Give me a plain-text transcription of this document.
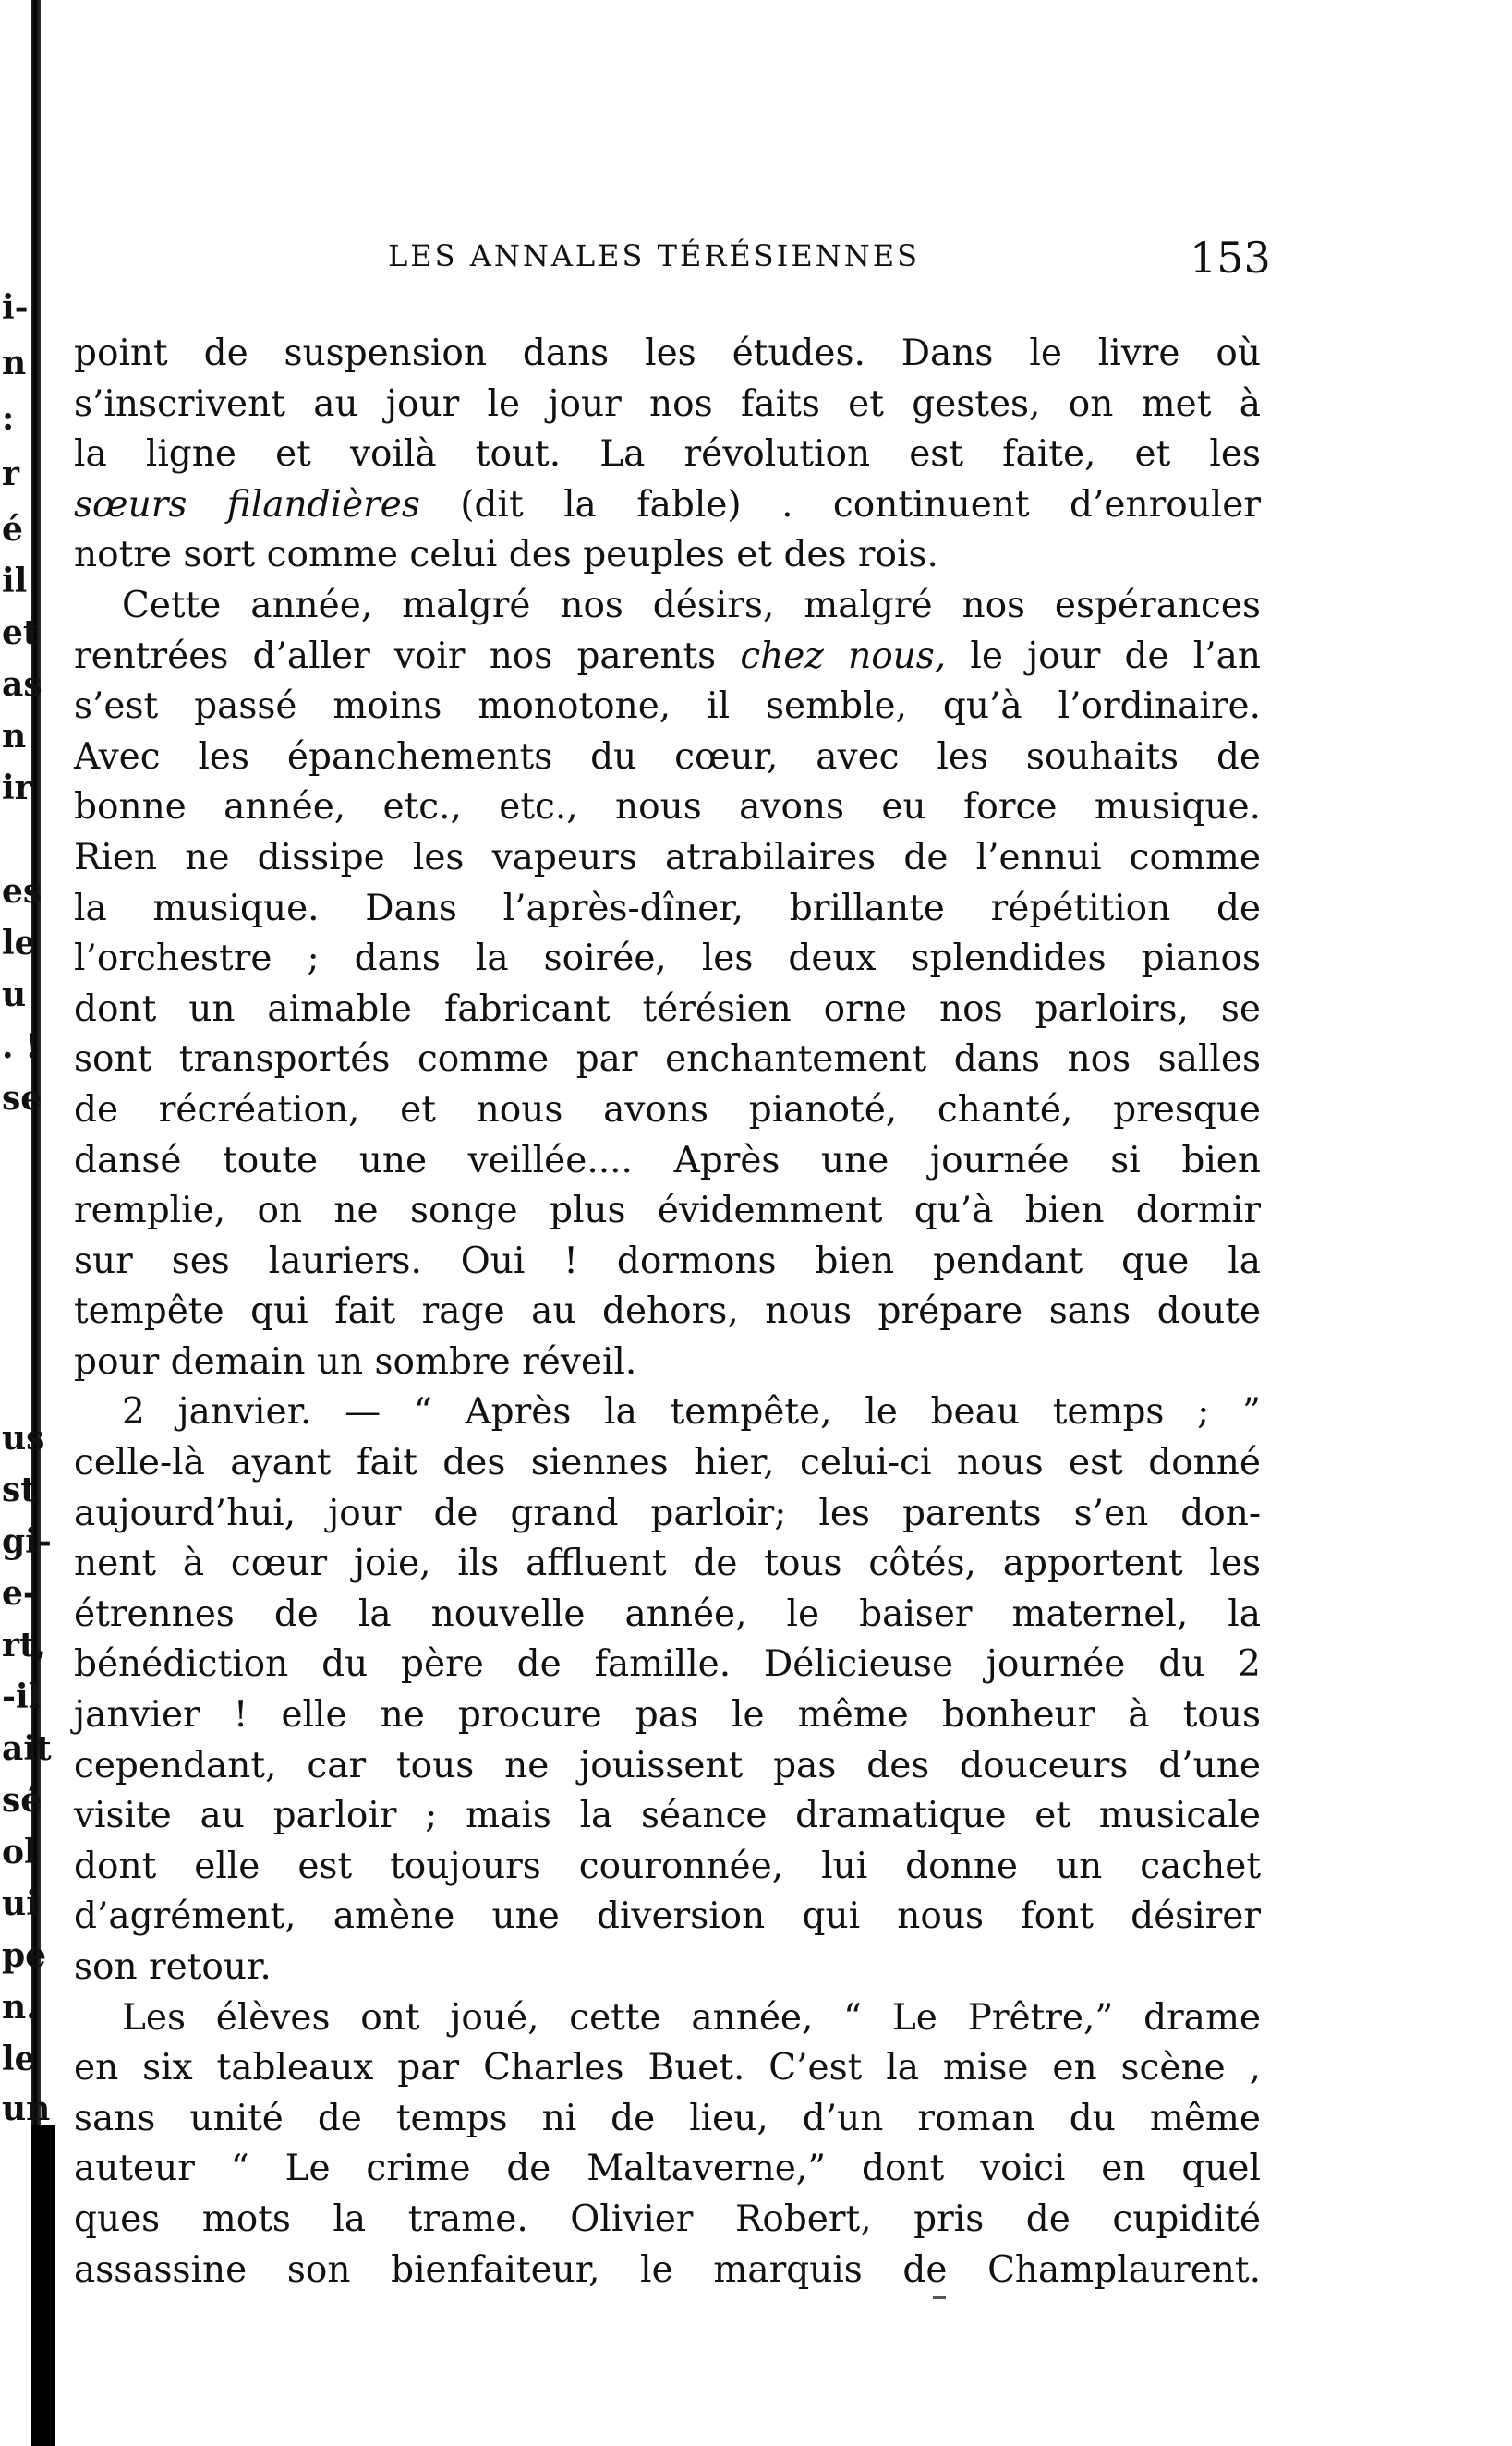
i-
n
:
r
é
il
et
as
n
ir
es
le
u
. !
se
us
st
gi-
e-
rt,
-il
ait
sé
ol
ui
pe
n.
le
un
LES ANNALES TÉRÉSIENNES	153
point de suspension dans les études. Dans le livre où
s’inscrivent au jour le jour nos faits et gestes, on met à
la ligne et voilà tout. La révolution est faite, et les
sœurs filandières (dit la fable) . continuent d’enrouler
notre sort comme celui des peuples et des rois.
Cette année, malgré nos désirs, malgré nos espérances
rentrées d’aller voir nos parents chez nous, le jour de l’an
s’est passé moins monotone, il semble, qu’à l’ordinaire.
Avec les épanchements du cœur, avec les souhaits de
bonne année, etc., etc., nous avons eu force musique.
Rien ne dissipe les vapeurs atrabilaires de l’ennui comme
la musique. Dans l’après-dîner, brillante répétition de
l’orchestre ; dans la soirée, les deux splendides pianos
dont un aimable fabricant térésien orne nos parloirs, se
sont transportés comme par enchantement dans nos salles
de récréation, et nous avons pianoté, chanté, presque
dansé toute une veillée.... Après une journée si bien
remplie, on ne songe plus évidemment qu’à bien dormir
sur ses lauriers. Oui ! dormons bien pendant que la
tempête qui fait rage au dehors, nous prépare sans doute
pour demain un sombre réveil.
2 janvier. — “ Après la tempête, le beau temps ; ”
celle-là ayant fait des siennes hier, celui-ci nous est donné
aujourd’hui, jour de grand parloir; les parents s’en don-
nent à cœur joie, ils affluent de tous côtés, apportent les
étrennes de la nouvelle année, le baiser maternel, la
bénédiction du père de famille. Délicieuse journée du 2
janvier ! elle ne procure pas le même bonheur à tous
cependant, car tous ne jouissent pas des douceurs d’une
visite au parloir ; mais la séance dramatique et musicale
dont elle est toujours couronnée, lui donne un cachet
d’agrément, amène une diversion qui nous font désirer
son retour.
Les élèves ont joué, cette année, “ Le Prêtre,” drame
en six tableaux par Charles Buet. C’est la mise en scène ,
sans unité de temps ni de lieu, d’un roman du même
auteur “ Le crime de Maltaverne,” dont voici en quel
ques mots la trame. Olivier Robert, pris de cupidité
assassine son bienfaiteur, le marquis de Champlaurent.
